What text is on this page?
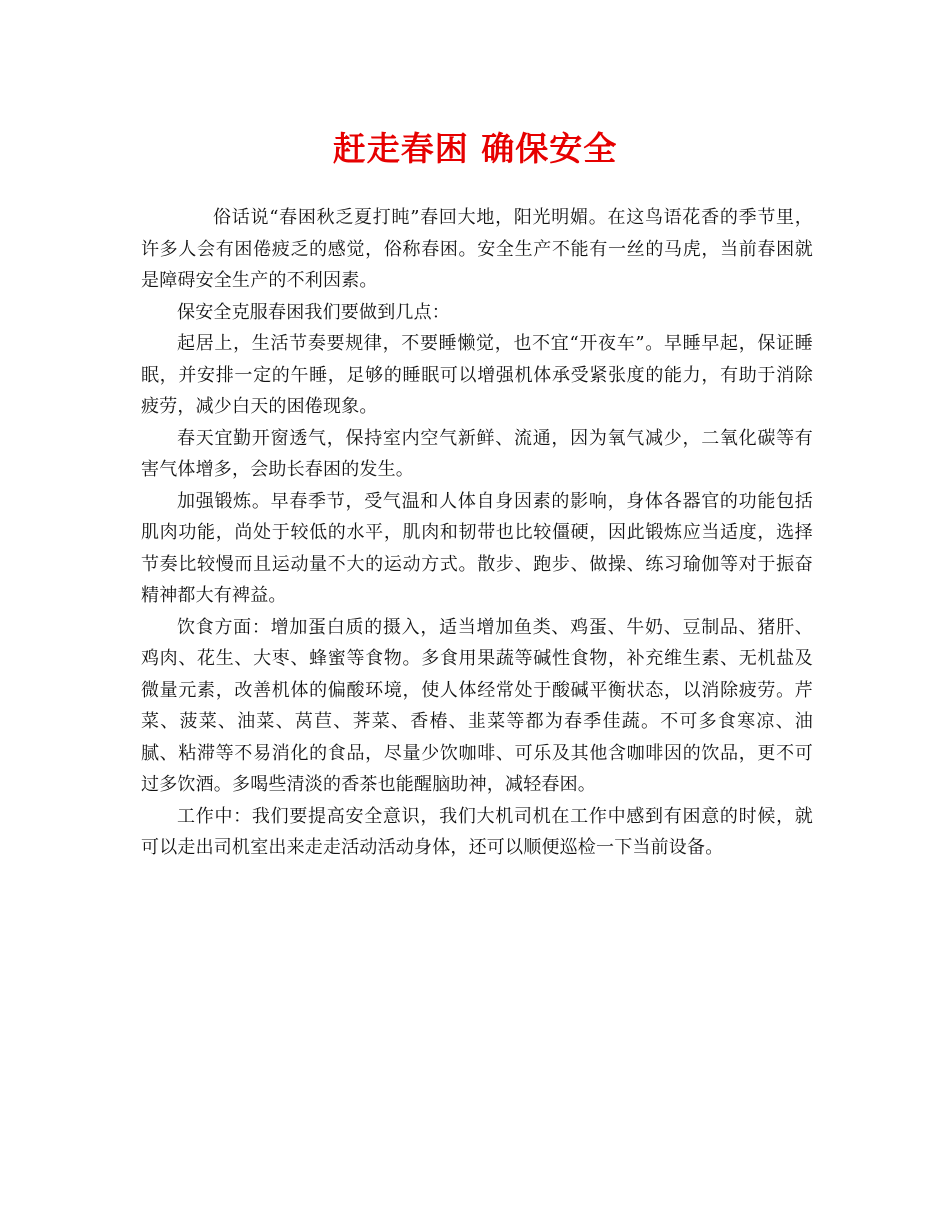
赶走春困 确保安全

俗话说“春困秋乏夏打盹”春回大地，阳光明媚。在这鸟语花香的季节里，许多人会有困倦疲乏的感觉，俗称春困。安全生产不能有一丝的马虎，当前春困就是障碍安全生产的不利因素。

保安全克服春困我们要做到几点：

起居上，生活节奏要规律，不要睡懒觉，也不宜“开夜车”。早睡早起，保证睡眠，并安排一定的午睡，足够的睡眠可以增强机体承受紧张度的能力，有助于消除疲劳，减少白天的困倦现象。

春天宜勤开窗透气，保持室内空气新鲜、流通，因为氧气减少，二氧化碳等有害气体增多，会助长春困的发生。

加强锻炼。早春季节，受气温和人体自身因素的影响，身体各器官的功能包括肌肉功能，尚处于较低的水平，肌肉和韧带也比较僵硬，因此锻炼应当适度，选择节奏比较慢而且运动量不大的运动方式。散步、跑步、做操、练习瑜伽等对于振奋精神都大有裨益。

饮食方面：增加蛋白质的摄入，适当增加鱼类、鸡蛋、牛奶、豆制品、猪肝、鸡肉、花生、大枣、蜂蜜等食物。多食用果蔬等碱性食物，补充维生素、无机盐及微量元素，改善机体的偏酸环境，使人体经常处于酸碱平衡状态，以消除疲劳。芹菜、菠菜、油菜、莴苣、荠菜、香椿、韭菜等都为春季佳蔬。不可多食寒凉、油腻、粘滞等不易消化的食品，尽量少饮咖啡、可乐及其他含咖啡因的饮品，更不可过多饮酒。多喝些清淡的香茶也能醒脑助神，减轻春困。

工作中：我们要提高安全意识，我们大机司机在工作中感到有困意的时候，就可以走出司机室出来走走活动活动身体，还可以顺便巡检一下当前设备。
